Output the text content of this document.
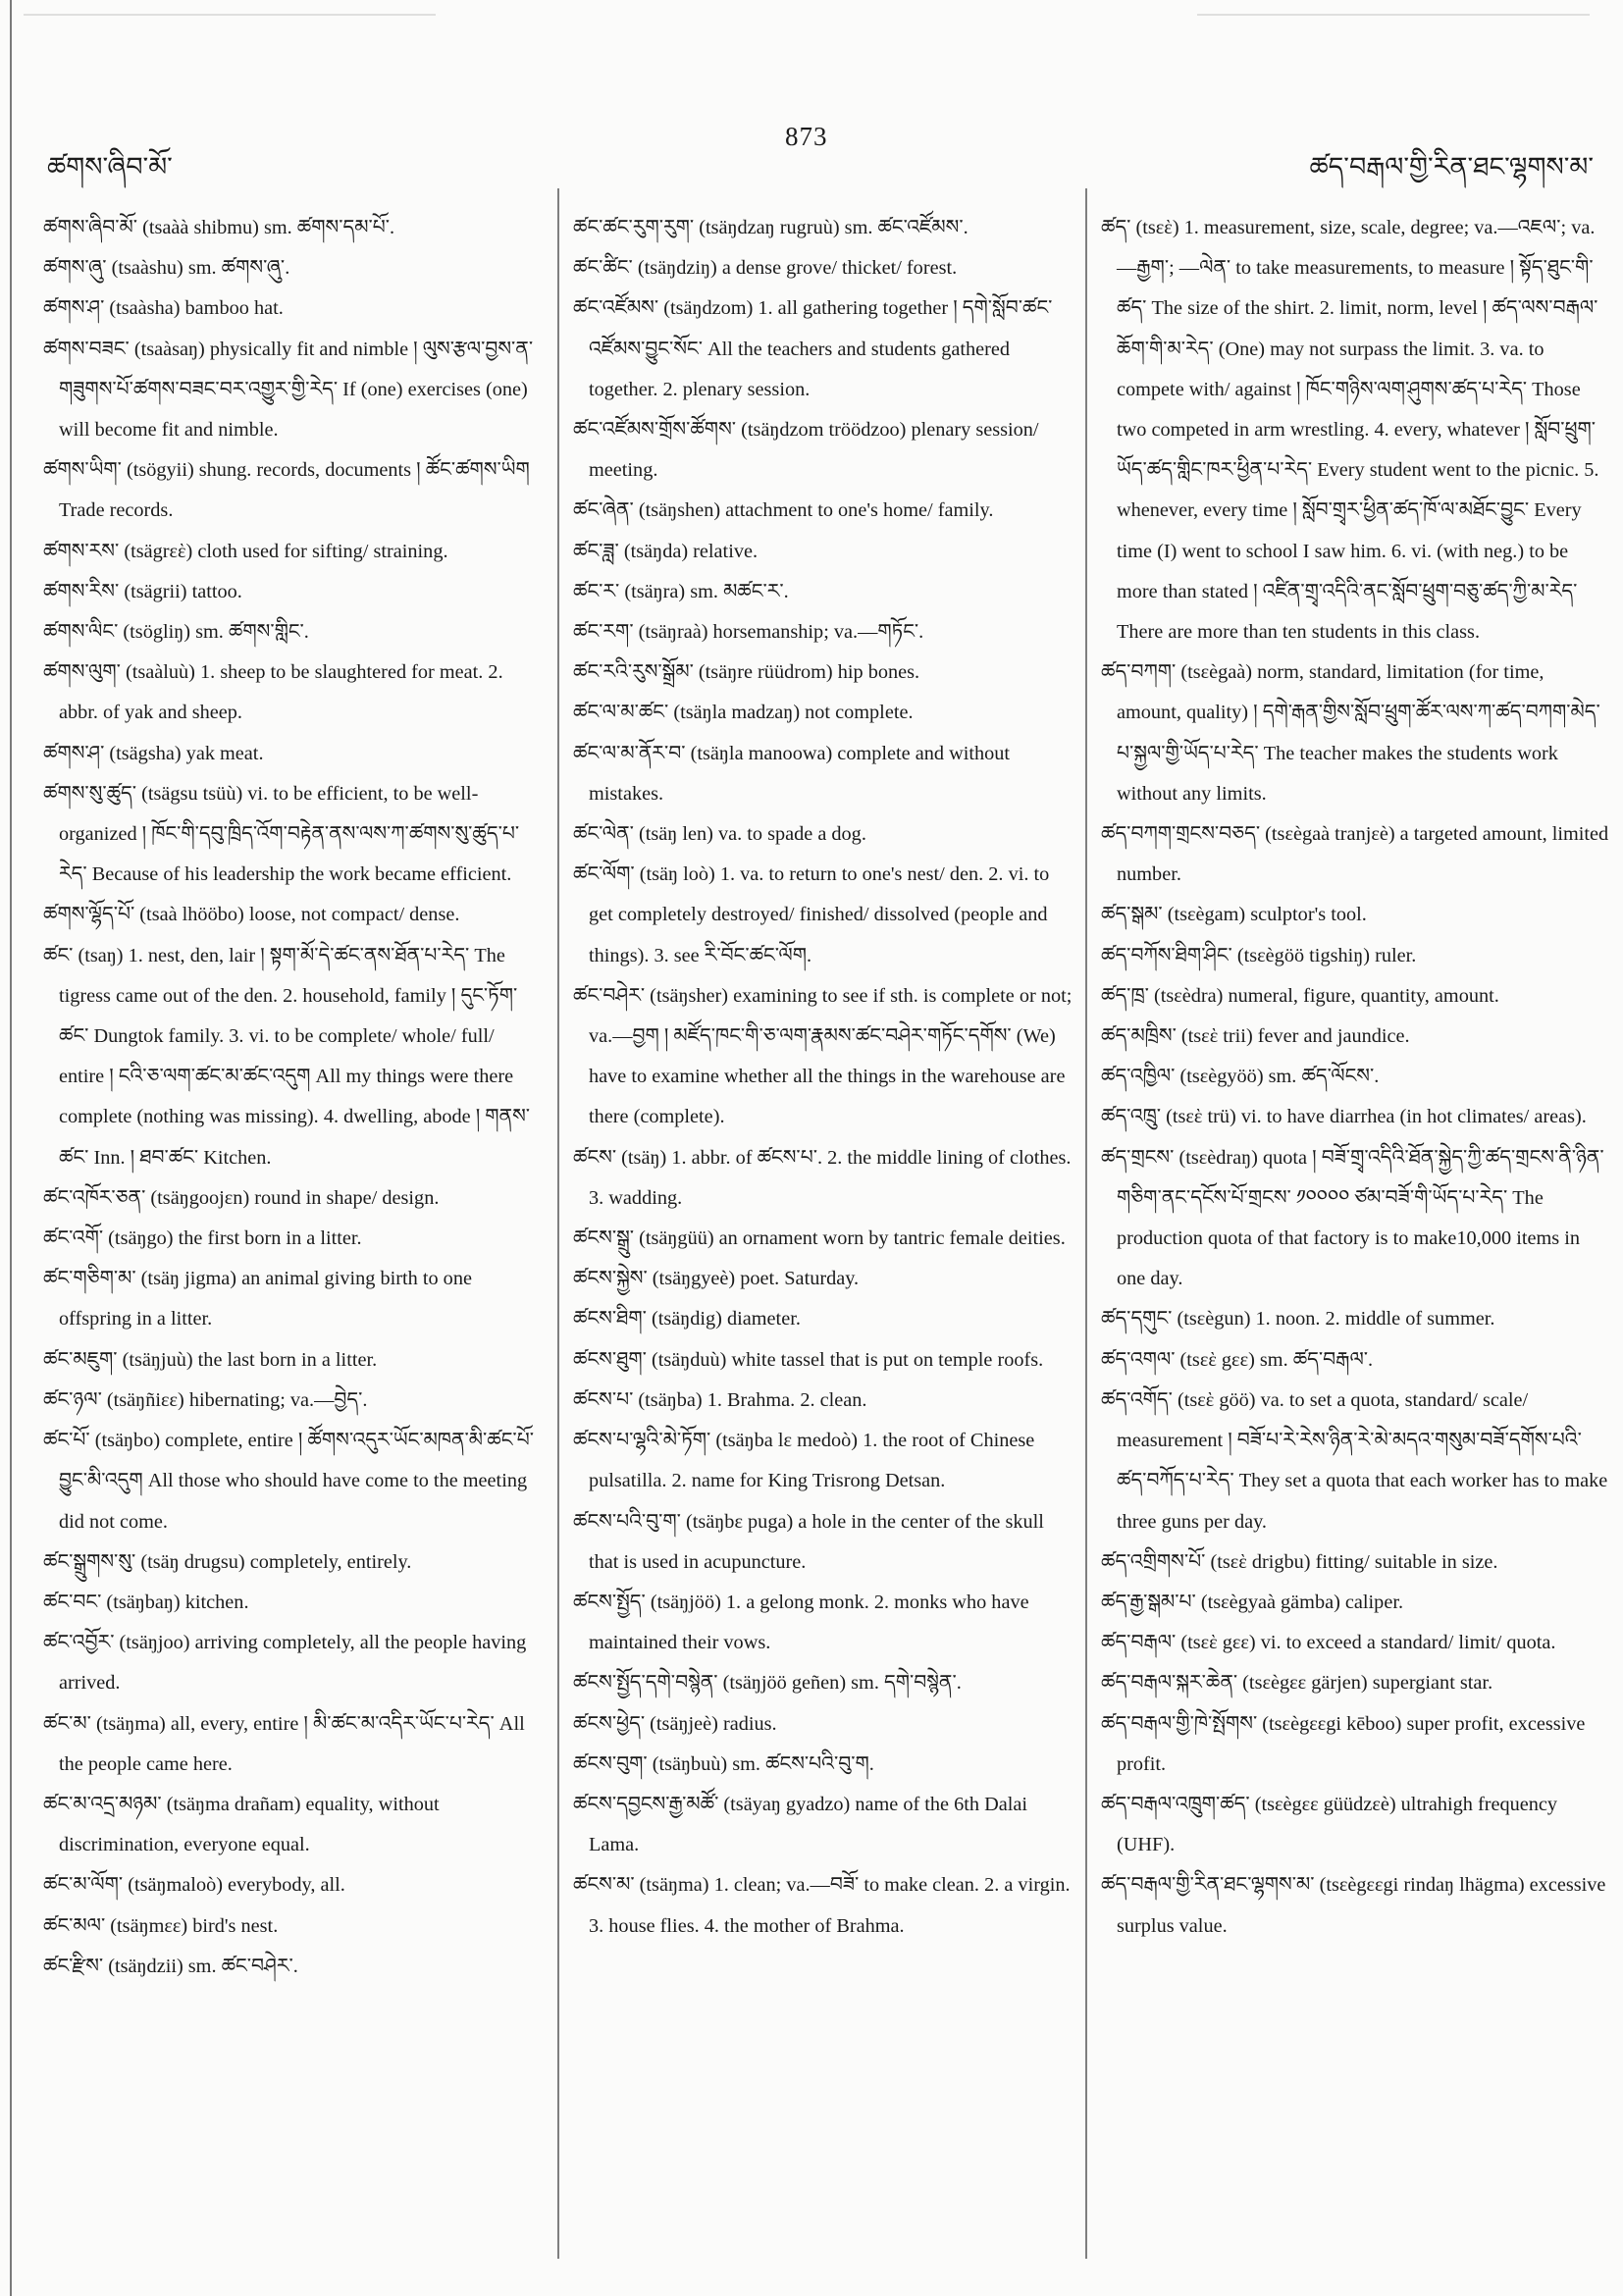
ཚགས་ཞིབ་མོ་
873
ཚད་བརྒལ་གྱི་རིན་ཐང་ལྷགས་མ་
ཚགས་ཞིབ་མོ་ (tsaàà shibmu) sm. ཚགས་དམ་པོ་.
ཚགས་ཞུ་ (tsaàshu) sm. ཚགས་ཞུ་.
ཚགས་ཤ་ (tsaàsha) bamboo hat.
ཚགས་བཟང་ (tsaàsaŋ) physically fit and nimble ། ལུས་རྩལ་བྱས་ན་གཟུགས་པོ་ཚགས་བཟང་བར་འགྱུར་གྱི་རེད་ If (one) exercises (one) will become fit and nimble.
ཚགས་ཡིག་ (tsögyii) shung. records, documents ། ཚོང་ཚགས་ཡིག Trade records.
ཚགས་རས་ (tsägrεὲ) cloth used for sifting/ straining.
ཚགས་རིས་ (tsägrii) tattoo.
ཚགས་ལིང་ (tsögliŋ) sm. ཚགས་གླིང་.
ཚགས་ལུག་ (tsaàluù) 1. sheep to be slaughtered for meat. 2. abbr. of yak and sheep.
ཚགས་ཤ་ (tsägsha) yak meat.
ཚགས་སུ་ཚུད་ (tsägsu tsüù) vi. to be efficient, to be well-organized ། ཁོང་གི་དབུ་ཁྲིད་འོག་བརྟེན་ནས་ལས་ཀ་ཚགས་སུ་ཚུད་པ་རེད་ Because of his leadership the work became efficient.
ཚགས་ལྷོད་པོ་ (tsaà lhööbo) loose, not compact/ dense.
ཚང་ (tsaŋ) 1. nest, den, lair ། སྟག་མོ་དེ་ཚང་ནས་ཐོན་པ་རེད་ The tigress came out of the den. 2. household, family ། དུང་ཏོག་ཚང་ Dungtok family. 3. vi. to be complete/ whole/ full/ entire ། ངའི་ཅ་ལག་ཚང་མ་ཚང་འདུག All my things were there complete (nothing was missing). 4. dwelling, abode ། གནས་ཚང་ Inn. ། ཐབ་ཚང་ Kitchen.
ཚང་འཁོར་ཅན་ (tsäŋgoojεn) round in shape/ design.
ཚང་འགོ་ (tsäŋgo) the first born in a litter.
ཚང་གཅིག་མ་ (tsäŋ jigma) an animal giving birth to one offspring in a litter.
ཚང་མཇུག་ (tsäŋjuù) the last born in a litter.
ཚང་ཉལ་ (tsäŋñiεε) hibernating; va.—བྱེད་.
ཚང་པོ་ (tsäŋbo) complete, entire ། ཚོགས་འདུར་ཡོང་མཁན་མི་ཚང་པོ་བྱུང་མི་འདུག All those who should have come to the meeting did not come.
ཚང་སྒྲུགས་སུ་ (tsäŋ drugsu) completely, entirely.
ཚང་བང་ (tsäŋbaŋ) kitchen.
ཚང་འབྱོར་ (tsäŋjoo) arriving completely, all the people having arrived.
ཚང་མ་ (tsäŋma) all, every, entire ། མི་ཚང་མ་འདིར་ཡོང་པ་རེད་ All the people came here.
ཚང་མ་འདྲ་མཉམ་ (tsäŋma drañam) equality, without discrimination, everyone equal.
ཚང་མ་ལོག་ (tsäŋmaloò) everybody, all.
ཚང་མལ་ (tsäŋmεε) bird's nest.
ཚང་རྫིས་ (tsäŋdzii) sm. ཚང་བཤེར་.
ཚང་ཚང་རུག་རུག་ (tsäŋdzaŋ rugruù) sm. ཚང་འཛོམས་.
ཚང་ཚིང་ (tsäŋdziŋ) a dense grove/ thicket/ forest.
ཚང་འཛོམས་ (tsäŋdzom) 1. all gathering together ། དགེ་སློབ་ཚང་འཛོམས་བྱུང་སོང་ All the teachers and students gathered together. 2. plenary session.
ཚང་འཛོམས་གྲོས་ཚོགས་ (tsäŋdzom tröödzoo) plenary session/ meeting.
ཚང་ཞེན་ (tsäŋshen) attachment to one's home/ family.
ཚང་ཟླ་ (tsäŋda) relative.
ཚང་ར་ (tsäŋra) sm. མཚང་ར་.
ཚང་རག་ (tsäŋraà) horsemanship; va.—གཏོང་.
ཚང་རའི་རུས་སྒྲོམ་ (tsäŋre rüüdrom) hip bones.
ཚང་ལ་མ་ཚང་ (tsäŋla madzaŋ) not complete.
ཚང་ལ་མ་ནོར་བ་ (tsäŋla manoowa) complete and without mistakes.
ཚང་ལེན་ (tsäŋ len) va. to spade a dog.
ཚང་ལོག་ (tsäŋ loò) 1. va. to return to one's nest/ den. 2. vi. to get completely destroyed/ finished/ dissolved (people and things). 3. see རི་བོང་ཚང་ལོག.
ཚང་བཤེར་ (tsäŋsher) examining to see if sth. is complete or not; va.—བྱག ། མཛོད་ཁང་གི་ཅ་ལག་རྣམས་ཚང་བཤེར་གཏོང་དགོས་ (We) have to examine whether all the things in the warehouse are there (complete).
ཚངས་ (tsäŋ) 1. abbr. of ཚངས་པ་. 2. the middle lining of clothes. 3. wadding.
ཚངས་སྒྲུ་ (tsäŋgüü) an ornament worn by tantric female deities.
ཚངས་སྐྱེས་ (tsäŋgyeè) poet. Saturday.
ཚངས་ཐིག་ (tsäŋdig) diameter.
ཚངས་ཐུག་ (tsäŋduù) white tassel that is put on temple roofs.
ཚངས་པ་ (tsäŋba) 1. Brahma. 2. clean.
ཚངས་པ་ལྷའི་མེ་ཏོག་ (tsäŋba lε medoò) 1. the root of Chinese pulsatilla. 2. name for King Trisrong Detsan.
ཚངས་པའི་བུ་ག་ (tsäŋbε puga) a hole in the center of the skull that is used in acupuncture.
ཚངས་སྤྱོད་ (tsäŋjöö) 1. a gelong monk. 2. monks who have maintained their vows.
ཚངས་སྤྱོད་དགེ་བསྙེན་ (tsäŋjöö geñen) sm. དགེ་བསྙེན་.
ཚངས་ཕྱེད་ (tsäŋjeè) radius.
ཚངས་བུག་ (tsäŋbuù) sm. ཚངས་པའི་བུ་ག.
ཚངས་དབྱངས་རྒྱ་མཚོ་ (tsäyaŋ gyadzo) name of the 6th Dalai Lama.
ཚངས་མ་ (tsäŋma) 1. clean; va.—བཟོ་ to make clean. 2. a virgin. 3. house flies. 4. the mother of Brahma.
ཚད་ (tsεὲ) 1. measurement, size, scale, degree; va.—འཇལ་; va.—རྒྱག་; —ལེན་ to take measurements, to measure ། སྟོད་ཐུང་གི་ཚད་ The size of the shirt. 2. limit, norm, level ། ཚད་ལས་བརྒལ་ཆོག་གི་མ་རེད་ (One) may not surpass the limit. 3. va. to compete with/ against ། ཁོང་གཉིས་ལག་ཤུགས་ཚད་པ་རེད་ Those two competed in arm wrestling. 4. every, whatever ། སློབ་ཕྲུག་ཡོད་ཚད་གླིང་ཁར་ཕྱིན་པ་རེད་ Every student went to the picnic. 5. whenever, every time ། སློབ་གྲྭར་ཕྱིན་ཚད་ཁོ་ལ་མཐོང་བྱུང་ Every time (I) went to school I saw him. 6. vi. (with neg.) to be more than stated ། འཛིན་གྲྭ་འདིའི་ནང་སློབ་ཕྲུག་བཅུ་ཚད་ཀྱི་མ་རེད་ There are more than ten students in this class.
ཚད་བཀག་ (tsεègaà) norm, standard, limitation (for time, amount, quality) ། དགེ་རྒན་གྱིས་སློབ་ཕྲུག་ཚོར་ལས་ཀ་ཚད་བཀག་མེད་པ་སྐྱལ་གྱི་ཡོད་པ་རེད་ The teacher makes the students work without any limits.
ཚད་བཀག་གྲངས་བཅད་ (tsεègaà tranjεè) a targeted amount, limited number.
ཚད་སྒམ་ (tsεègam) sculptor's tool.
ཚད་བཀོས་ཐིག་ཤིང་ (tsεègöö tigshiŋ) ruler.
ཚད་ཁྲ་ (tsεèdra) numeral, figure, quantity, amount.
ཚད་མཁྲིས་ (tsεὲ trii) fever and jaundice.
ཚད་འཁྱིལ་ (tsεègyöö) sm. ཚད་ལོངས་.
ཚད་འཁྲུ་ (tsεὲ trü) vi. to have diarrhea (in hot climates/ areas).
ཚད་གྲངས་ (tsεèdraŋ) quota ། བཟོ་གྲྭ་འདིའི་ཐོན་སྐྱེད་ཀྱི་ཚད་གྲངས་ནི་ཉིན་གཅིག་ནང་དངོས་པོ་གྲངས་ ༡༠༠༠༠ ཙམ་བཟོ་གི་ཡོད་པ་རེད་ The production quota of that factory is to make10,000 items in one day.
ཚད་དགུང་ (tsεègun) 1. noon. 2. middle of summer.
ཚད་འགལ་ (tsεὲ gεε) sm. ཚད་བརྒལ་.
ཚད་འགོད་ (tsεὲ göö) va. to set a quota, standard/ scale/ measurement ། བཟོ་པ་རེ་རེས་ཉིན་རེ་མེ་མདའ་གསུམ་བཟོ་དགོས་པའི་ཚད་བཀོད་པ་རེད་ They set a quota that each worker has to make three guns per day.
ཚད་འགྲིགས་པོ་ (tsεὲ drigbu) fitting/ suitable in size.
ཚད་རྒྱ་སྒམ་པ་ (tsεègyaà gämba) caliper.
ཚད་བརྒལ་ (tsεὲ gεε) vi. to exceed a standard/ limit/ quota.
ཚད་བརྒལ་སྐར་ཆེན་ (tsεègεε gärjen) supergiant star.
ཚད་བརྒལ་གྱི་ཁེ་སྤོགས་ (tsεègεεgi kēboo) super profit, excessive profit.
ཚད་བརྒལ་འཁྲུག་ཚད་ (tsεègεε güüdzεè) ultrahigh frequency (UHF).
ཚད་བརྒལ་གྱི་རིན་ཐང་ལྷགས་མ་ (tsεègεεgi rindaŋ lhägma) excessive surplus value.
